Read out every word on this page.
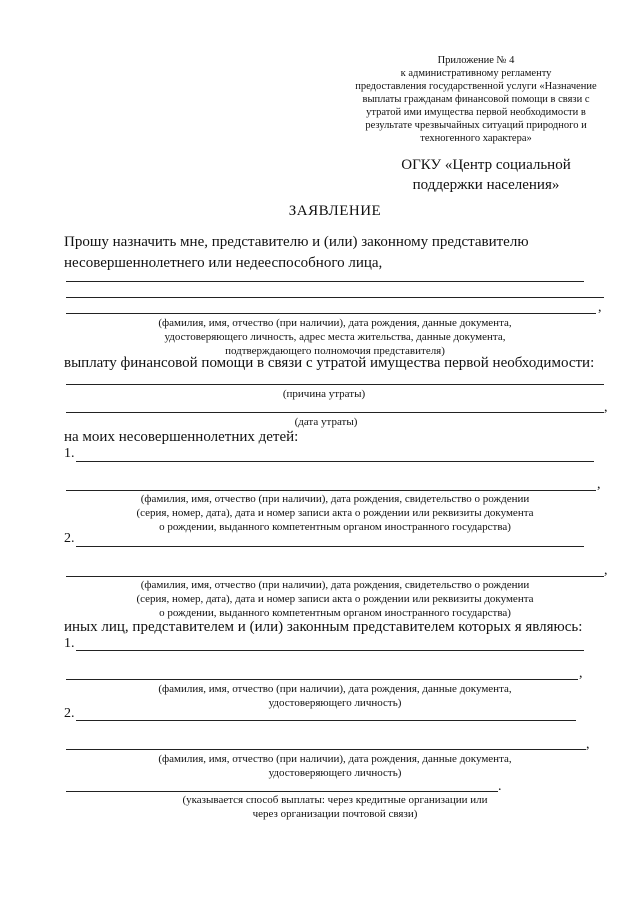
Приложение № 4
к административному регламенту
предоставления государственной услуги «Назначение
выплаты гражданам финансовой помощи в связи с
утратой ими имущества первой необходимости в
результате чрезвычайных ситуаций природного и
техногенного характера»
ОГКУ «Центр социальной
поддержки населения»
ЗАЯВЛЕНИЕ
Прошу назначить мне, представителю и (или) законному представителю
несовершеннолетнего или недееспособного лица,
,
(фамилия, имя, отчество (при наличии), дата рождения, данные документа,
удостоверяющего личность, адрес места жительства, данные документа,
подтверждающего полномочия представителя)
выплату финансовой помощи в связи с утратой имущества первой необходимости:
(причина утраты)
,
(дата утраты)
на моих несовершеннолетних детей:
1.
,
(фамилия, имя, отчество (при наличии), дата рождения, свидетельство о рождении
(серия, номер, дата), дата и номер записи акта о рождении или реквизиты документа
о рождении, выданного компетентным органом иностранного государства)
2.
,
(фамилия, имя, отчество (при наличии), дата рождения, свидетельство о рождении
(серия, номер, дата), дата и номер записи акта о рождении или реквизиты документа
о рождении, выданного компетентным органом иностранного государства)
иных лиц, представителем и (или) законным представителем которых я являюсь:
1.
,
(фамилия, имя, отчество (при наличии), дата рождения, данные документа,
удостоверяющего личность)
2.
,
(фамилия, имя, отчество (при наличии), дата рождения, данные документа,
удостоверяющего личность)
.
(указывается способ выплаты: через кредитные организации или
через организации почтовой связи)
